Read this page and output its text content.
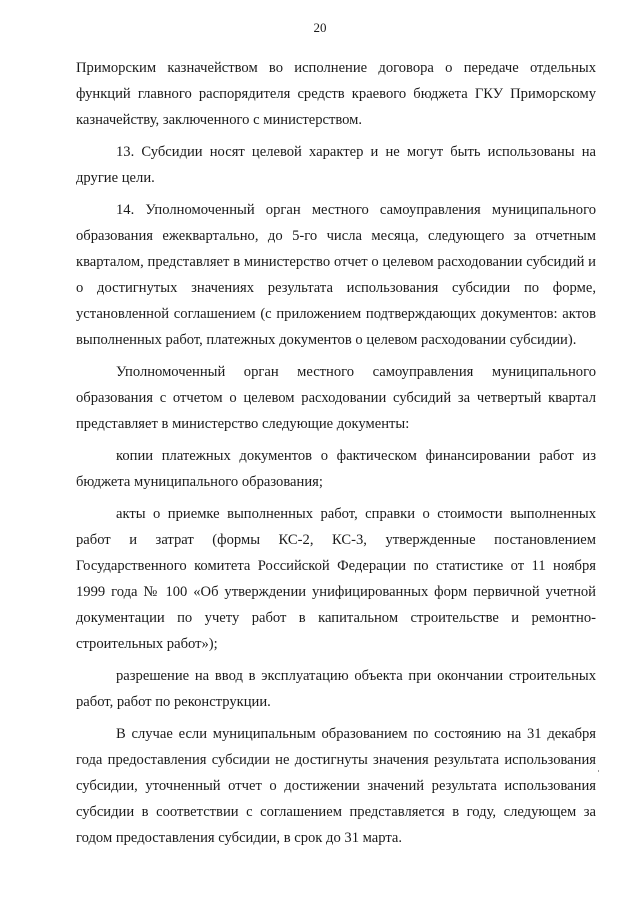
20

Приморским казначейством во исполнение договора о передаче отдельных функций главного распорядителя средств краевого бюджета ГКУ Приморскому казначейству, заключенного с министерством.

13. Субсидии носят целевой характер и не могут быть использованы на другие цели.

14. Уполномоченный орган местного самоуправления муниципального образования ежеквартально, до 5-го числа месяца, следующего за отчетным кварталом, представляет в министерство отчет о целевом расходовании субсидий и о достигнутых значениях результата использования субсидии по форме, установленной соглашением (с приложением подтверждающих документов: актов выполненных работ, платежных документов о целевом расходовании субсидии).

Уполномоченный орган местного самоуправления муниципального образования с отчетом о целевом расходовании субсидий за четвертый квартал представляет в министерство следующие документы:

копии платежных документов о фактическом финансировании работ из бюджета муниципального образования;

акты о приемке выполненных работ, справки о стоимости выполненных работ и затрат (формы КС-2, КС-3, утвержденные постановлением Государственного комитета Российской Федерации по статистике от 11 ноября 1999 года № 100 «Об утверждении унифицированных форм первичной учетной документации по учету работ в капитальном строительстве и ремонтно-строительных работ»);

разрешение на ввод в эксплуатацию объекта при окончании строительных работ, работ по реконструкции.

В случае если муниципальным образованием по состоянию на 31 декабря года предоставления субсидии не достигнуты значения результата использования субсидии, уточненный отчет о достижении значений результата использования субсидии в соответствии с соглашением представляется в году, следующем за годом предоставления субсидии, в срок до 31 марта.
